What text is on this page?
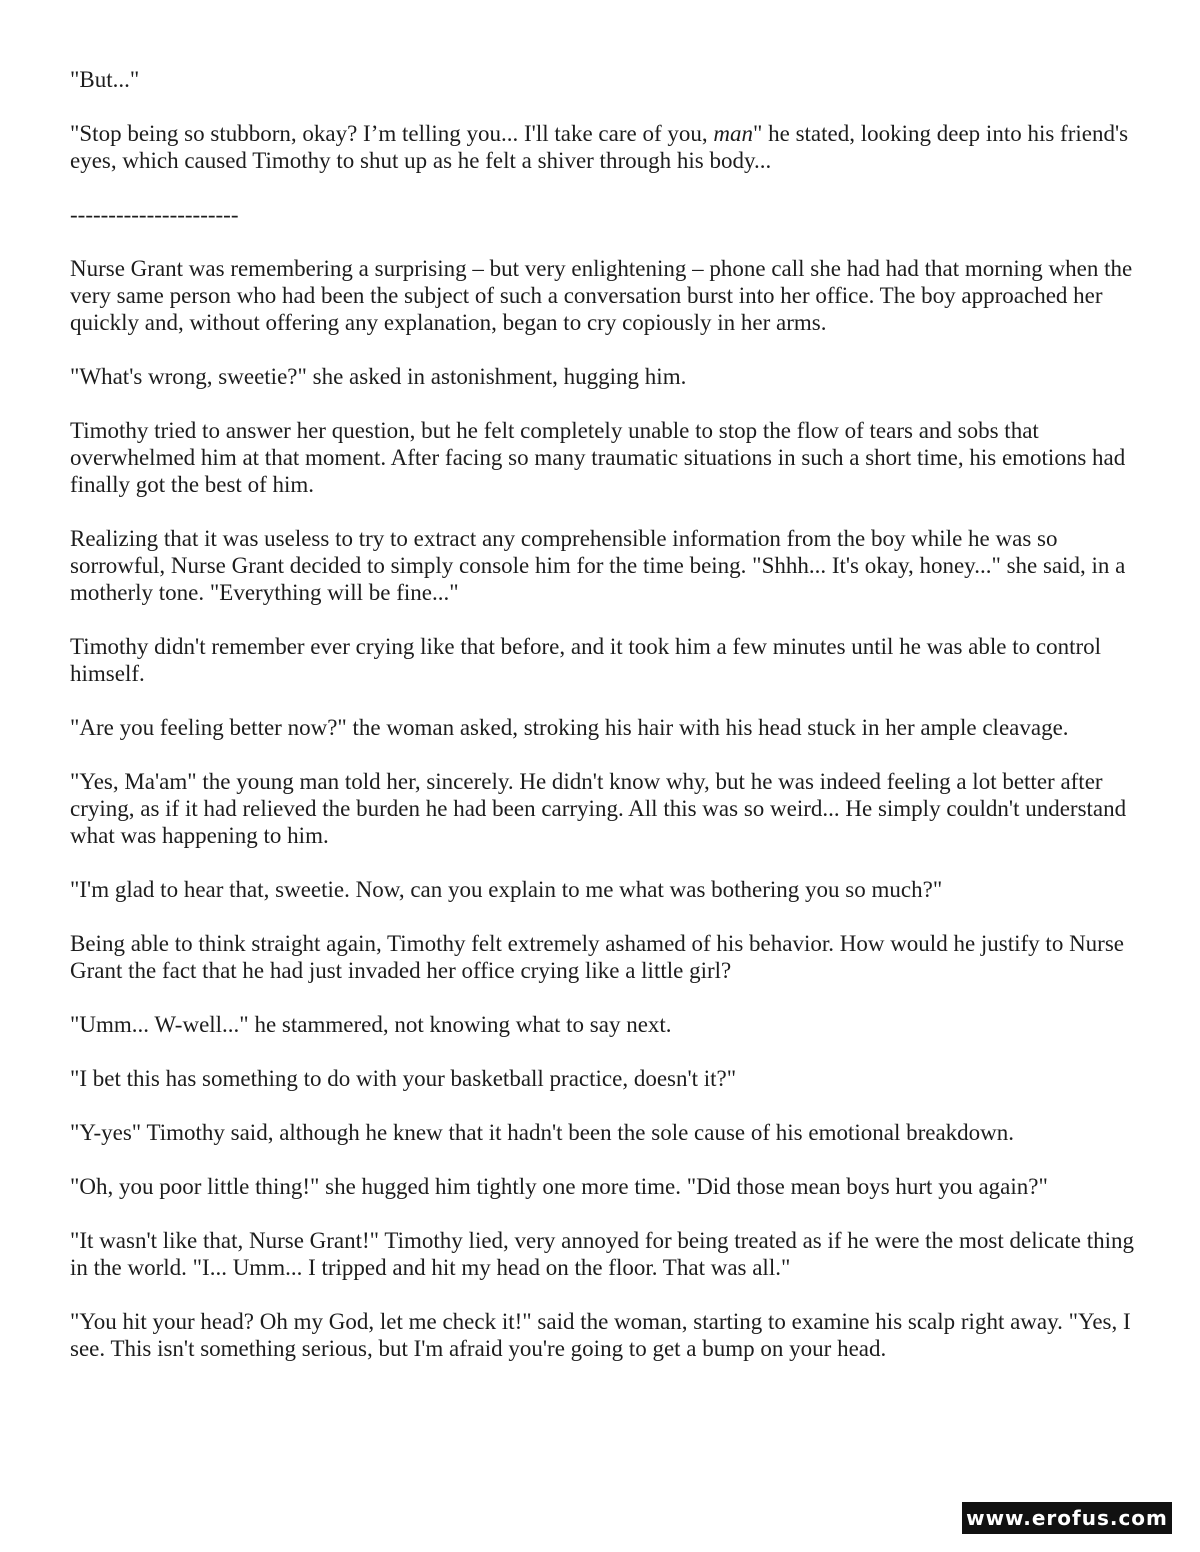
"But..."

"Stop being so stubborn, okay? I’m telling you... I'll take care of you, man" he stated, looking deep into his friend's eyes, which caused Timothy to shut up as he felt a shiver through his body...

----------------------

Nurse Grant was remembering a surprising – but very enlightening – phone call she had had that morning when the very same person who had been the subject of such a conversation burst into her office. The boy approached her quickly and, without offering any explanation, began to cry copiously in her arms.

"What's wrong, sweetie?" she asked in astonishment, hugging him.

Timothy tried to answer her question, but he felt completely unable to stop the flow of tears and sobs that overwhelmed him at that moment. After facing so many traumatic situations in such a short time, his emotions had finally got the best of him.

Realizing that it was useless to try to extract any comprehensible information from the boy while he was so sorrowful, Nurse Grant decided to simply console him for the time being. "Shhh... It's okay, honey..." she said, in a motherly tone. "Everything will be fine..."

Timothy didn't remember ever crying like that before, and it took him a few minutes until he was able to control himself.

"Are you feeling better now?" the woman asked, stroking his hair with his head stuck in her ample cleavage.

"Yes, Ma'am" the young man told her, sincerely. He didn't know why, but he was indeed feeling a lot better after crying, as if it had relieved the burden he had been carrying. All this was so weird... He simply couldn't understand what was happening to him.

"I'm glad to hear that, sweetie. Now, can you explain to me what was bothering you so much?"

Being able to think straight again, Timothy felt extremely ashamed of his behavior. How would he justify to Nurse Grant the fact that he had just invaded her office crying like a little girl?

"Umm... W-well..." he stammered, not knowing what to say next.

"I bet this has something to do with your basketball practice, doesn't it?"

"Y-yes" Timothy said, although he knew that it hadn't been the sole cause of his emotional breakdown.

"Oh, you poor little thing!" she hugged him tightly one more time. "Did those mean boys hurt you again?"

"It wasn't like that, Nurse Grant!" Timothy lied, very annoyed for being treated as if he were the most delicate thing in the world. "I... Umm... I tripped and hit my head on the floor. That was all."

"You hit your head? Oh my God, let me check it!" said the woman, starting to examine his scalp right away. "Yes, I see. This isn't something serious, but I'm afraid you're going to get a bump on your head.

www.erofus.com
